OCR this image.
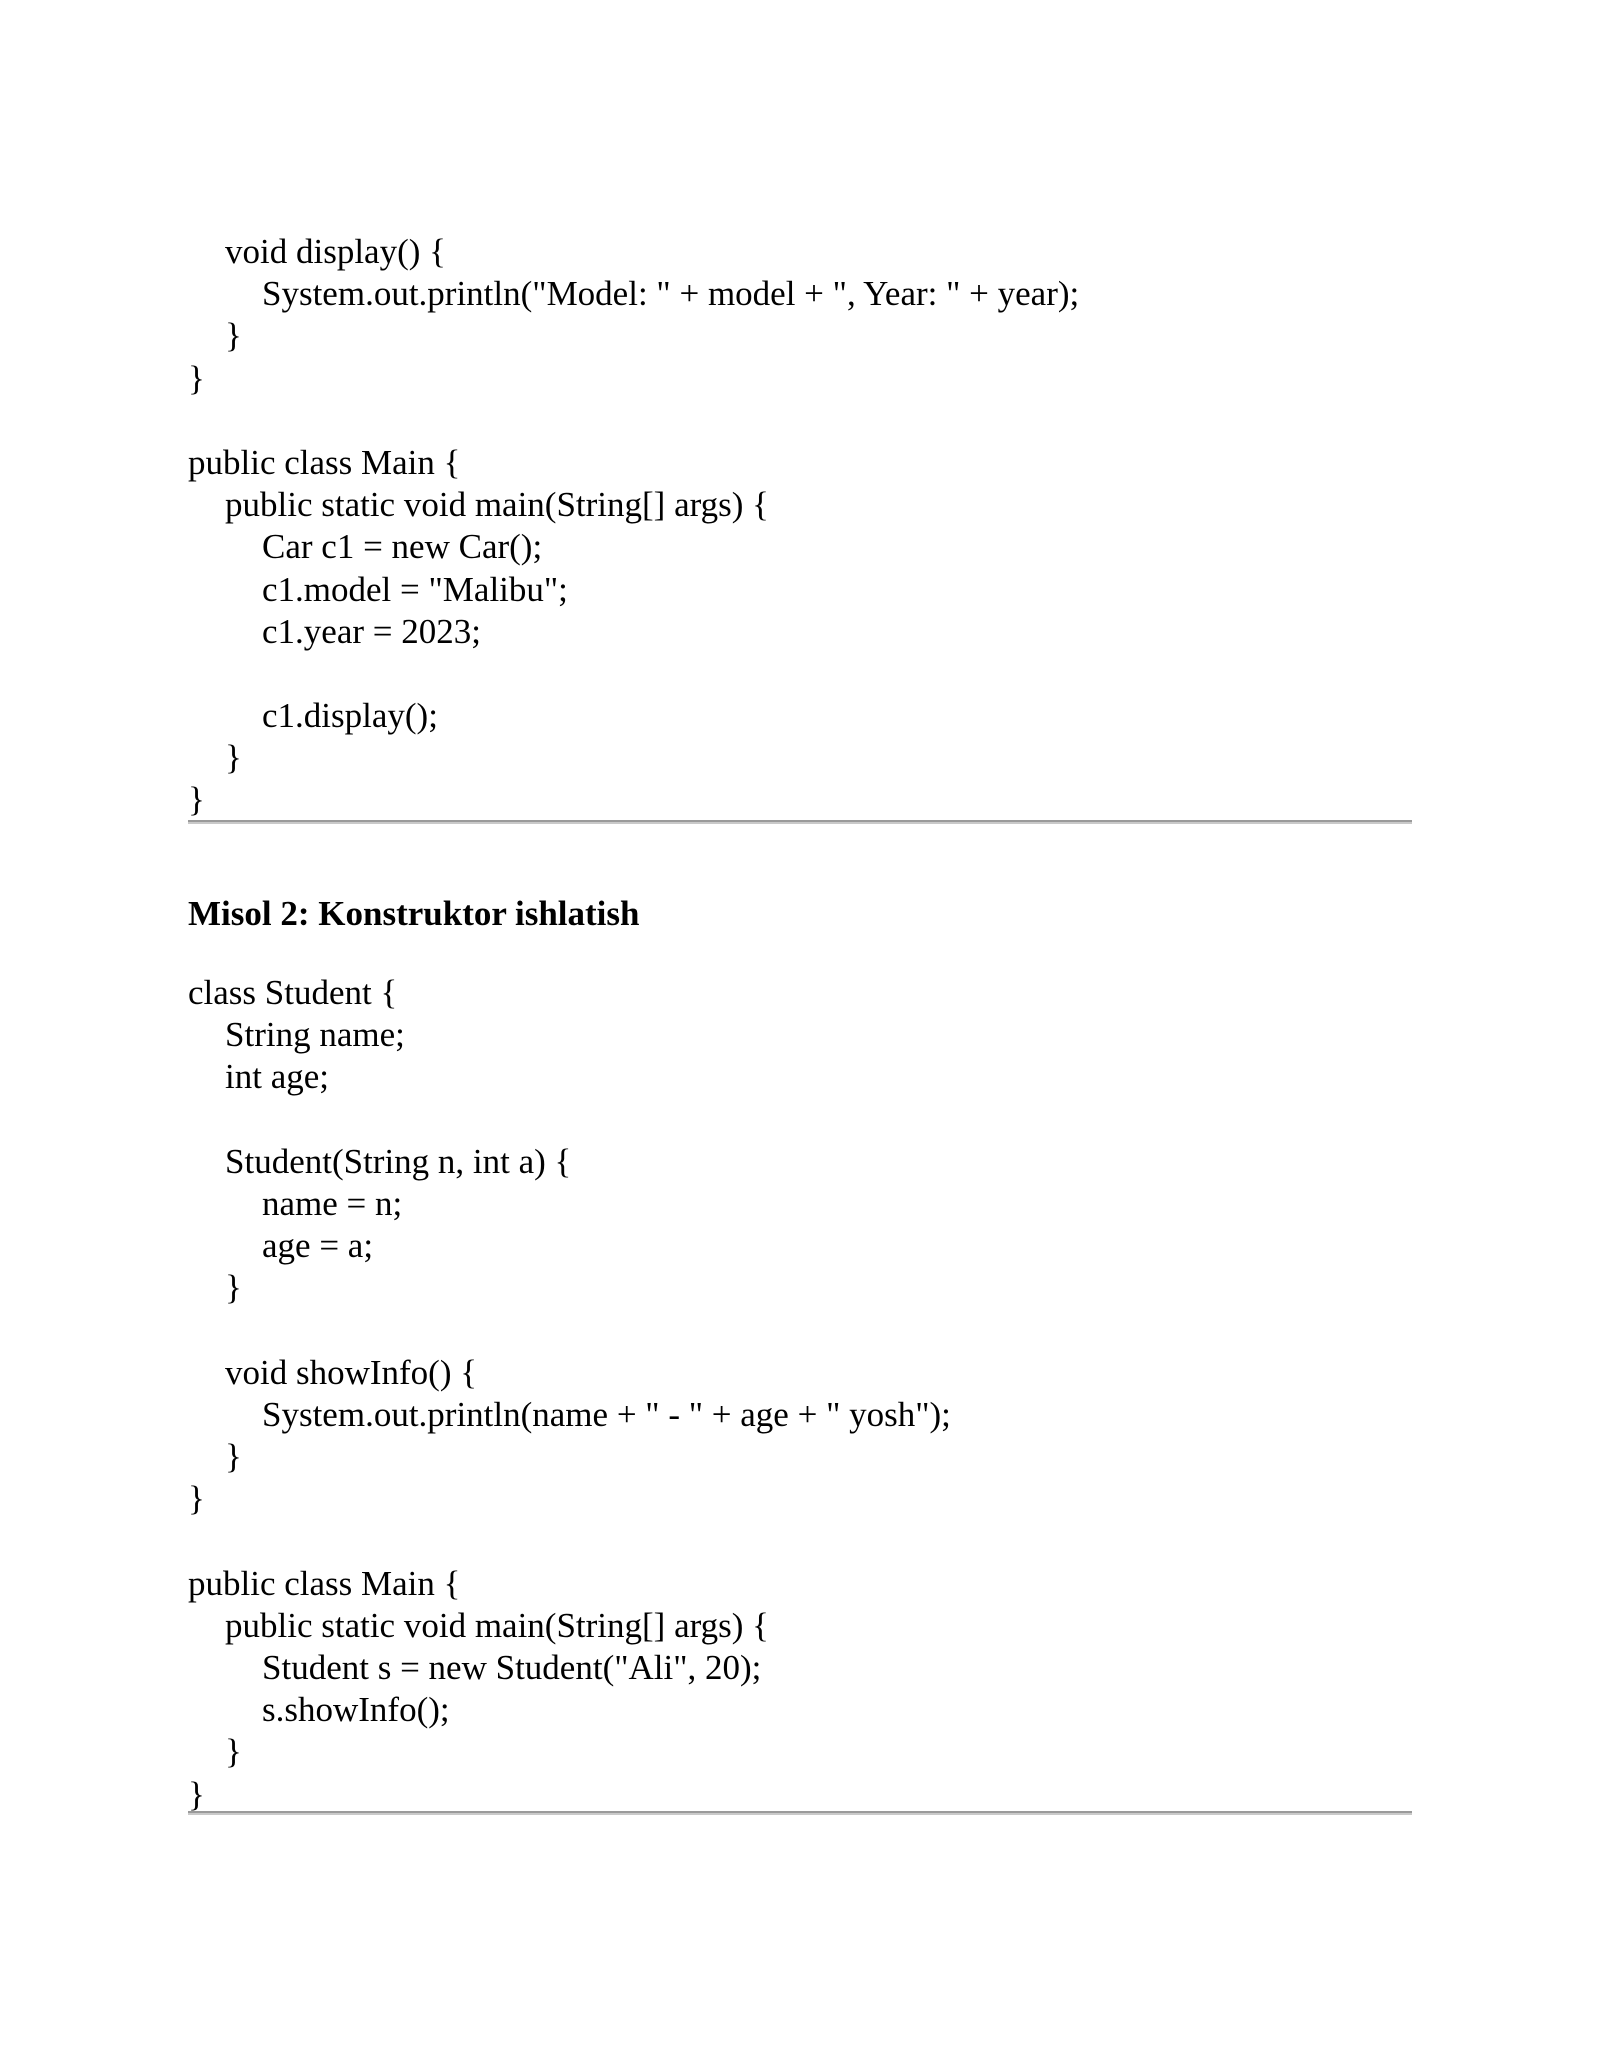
void display() {
System.out.println("Model: " + model + ", Year: " + year);
}
}
public class Main {
public static void main(String[] args) {
Car c1 = new Car();
c1.model = "Malibu";
c1.year = 2023;
c1.display();
}
}
Misol 2: Konstruktor ishlatish
class Student {
String name;
int age;
Student(String n, int a) {
name = n;
age = a;
}
void showInfo() {
System.out.println(name + " - " + age + " yosh");
}
}
public class Main {
public static void main(String[] args) {
Student s = new Student("Ali", 20);
s.showInfo();
}
}
